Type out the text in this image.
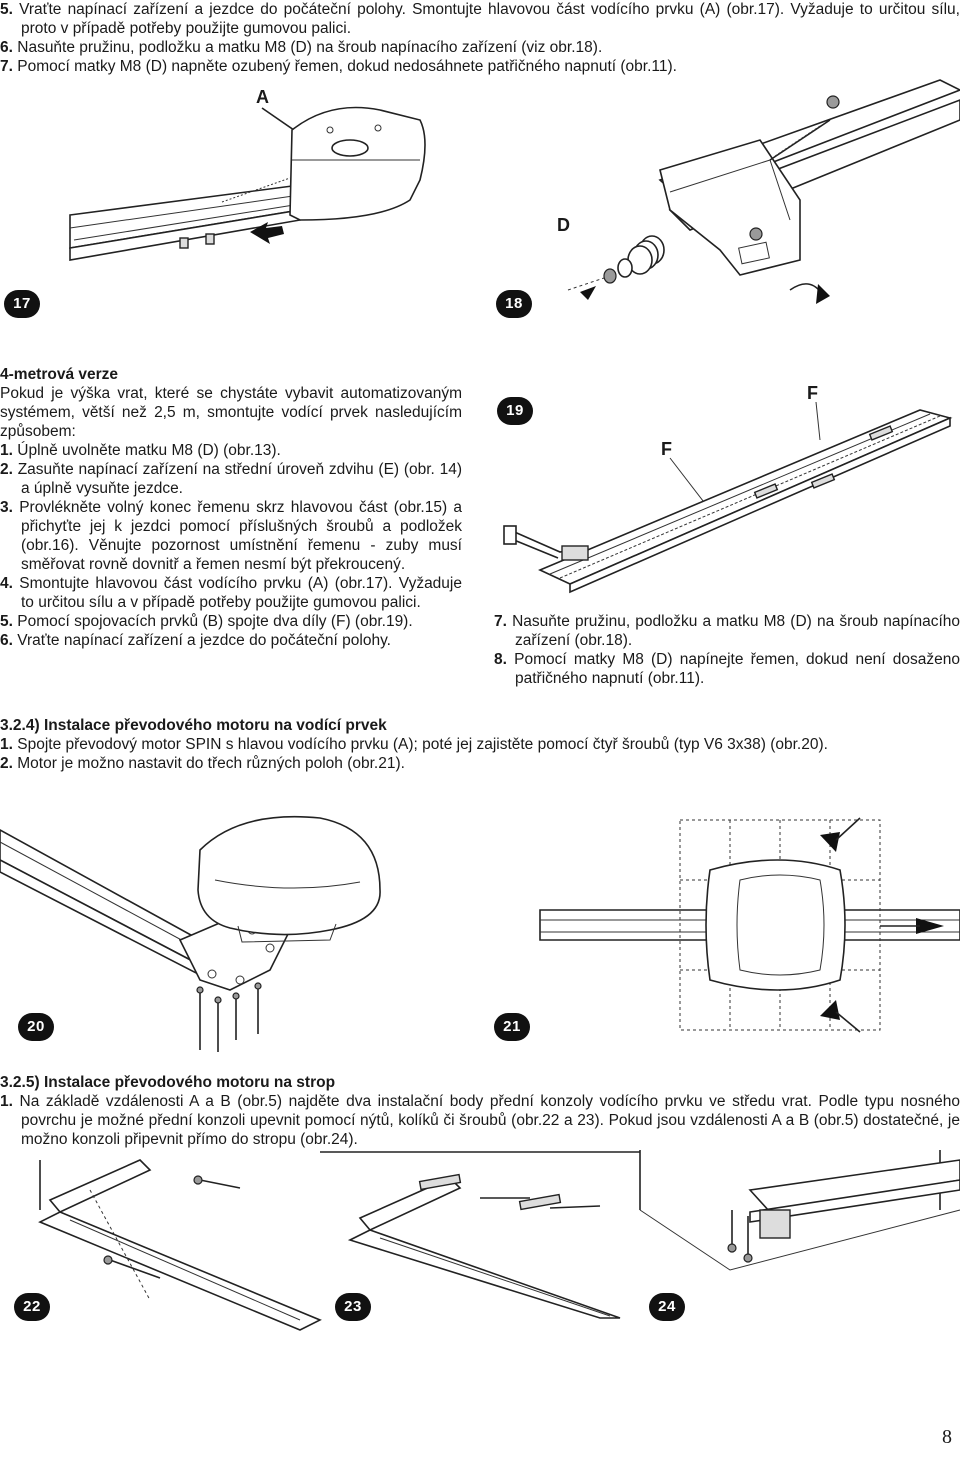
5. Vraťte napínací zařízení a jezdce do počáteční polohy. Smontujte hlavovou část vodícího prvku (A) (obr.17). Vyžaduje to určitou sílu, proto v případě potřeby použijte gumovou palici.
6. Nasuňte pružinu, podložku a matku M8 (D) na šroub napínacího zařízení (viz obr.18).
7. Pomocí matky M8 (D) napněte ozubený řemen, dokud nedosáhnete patřičného napnutí (obr.11).
A
17
D
18
4-metrová verze
Pokud je výška vrat, které se chystáte vybavit automatizovaným systémem, větší než 2,5 m, smontujte vodící prvek nasledujícím způsobem:
1. Úplně uvolněte matku M8 (D) (obr.13).
2. Zasuňte napínací zařízení na střední úroveň zdvihu (E) (obr. 14) a úplně vysuňte jezdce.
3. Provlékněte volný konec řemenu skrz hlavovou část (obr.15) a přichyťte jej k jezdci pomocí příslušných šroubů a podložek (obr.16). Věnujte pozornost umístnění řemenu - zuby musí směřovat rovně dovnitř a řemen nesmí být překroucený.
4. Smontujte hlavovou část vodícího prvku (A) (obr.17). Vyžaduje to určitou sílu a v případě potřeby použijte gumovou palici.
5. Pomocí spojovacích prvků (B) spojte dva díly (F) (obr.19).
6. Vraťte napínací zařízení a jezdce do počáteční polohy.
19
F
F
7. Nasuňte pružinu, podložku a matku M8 (D) na šroub napínacího zařízení (obr.18).
8. Pomocí matky M8 (D) napínejte řemen, dokud není dosaženo patřičného napnutí (obr.11).
3.2.4) Instalace převodového motoru na vodící prvek
1. Spojte převodový motor SPIN s hlavou vodícího prvku (A); poté jej zajistěte pomocí čtyř šroubů (typ V6 3x38) (obr.20).
2. Motor je možno nastavit do třech různých poloh (obr.21).
20	21
3.2.5) Instalace převodového motoru na strop
1. Na základě vzdálenosti A a B (obr.5) najděte dva instalační body přední konzoly vodícího prvku ve středu vrat. Podle typu nosného povrchu je možné přední konzoli upevnit pomocí nýtů, kolíků či šroubů (obr.22 a 23). Pokud jsou vzdálenosti A a B (obr.5) dostatečné, je možno konzoli připevnit přímo do stropu (obr.24).
22	23	24
8
